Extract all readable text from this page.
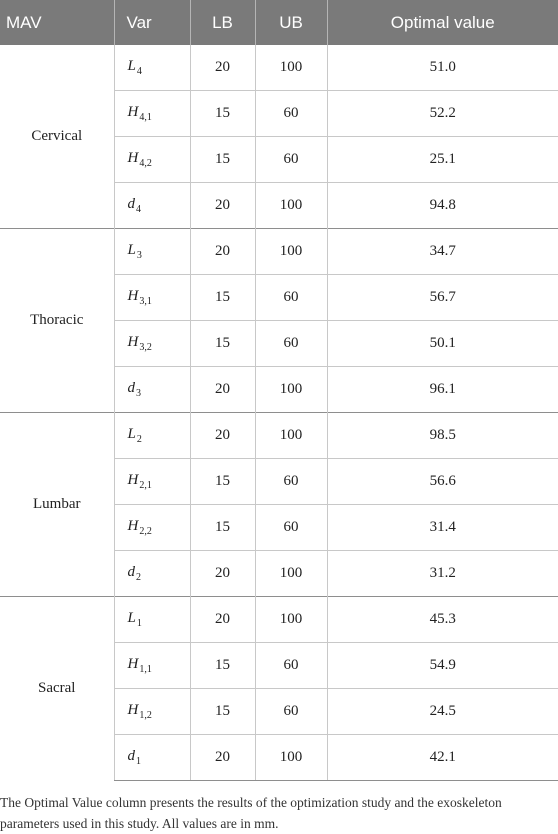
MAV	Var	LB	UB	Optimal value
Cervical	$L_4$	20	100	51.0
	$H_{4,1}$	15	60	52.2
	$H_{4,2}$	15	60	25.1
	$d_4$	20	100	94.8
Thoracic	$L_3$	20	100	34.7
	$H_{3,1}$	15	60	56.7
	$H_{3,2}$	15	60	50.1
	$d_3$	20	100	96.1
Lumbar	$L_2$	20	100	98.5
	$H_{2,1}$	15	60	56.6
	$H_{2,2}$	15	60	31.4
	$d_2$	20	100	31.2
Sacral	$L_1$	20	100	45.3
	$H_{1,1}$	15	60	54.9
	$H_{1,2}$	15	60	24.5
	$d_1$	20	100	42.1
The Optimal Value column presents the results of the optimization study and the exoskeleton parameters used in this study. All values are in mm.
